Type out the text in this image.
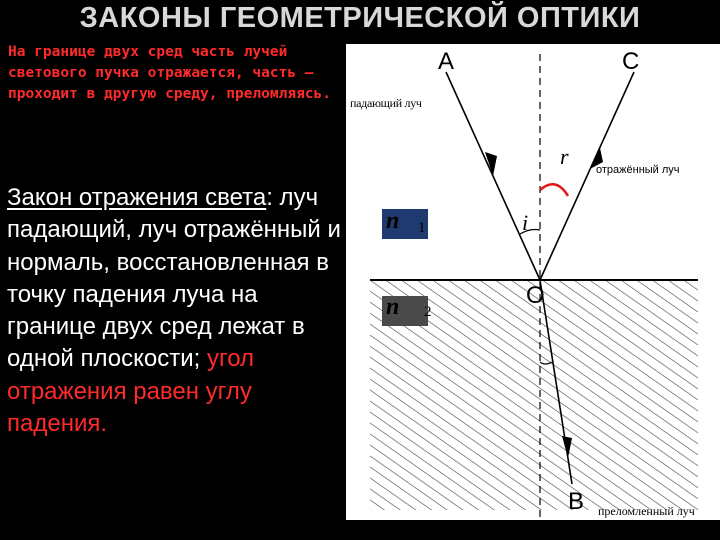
ЗАКОНЫ ГЕОМЕТРИЧЕСКОЙ ОПТИКИ
На границе двух сред часть лучей светового пучка отражается, часть – проходит в другую среду, преломляясь.
Закон отражения света: луч падающий, луч отражённый и нормаль, восстановленная в точку падения луча на границе двух сред лежат в одной плоскости; угол отражения равен углу падения.
A	C
падающий луч
r
отражённый луч
i
n 1
O
n 2
B преломленный луч
